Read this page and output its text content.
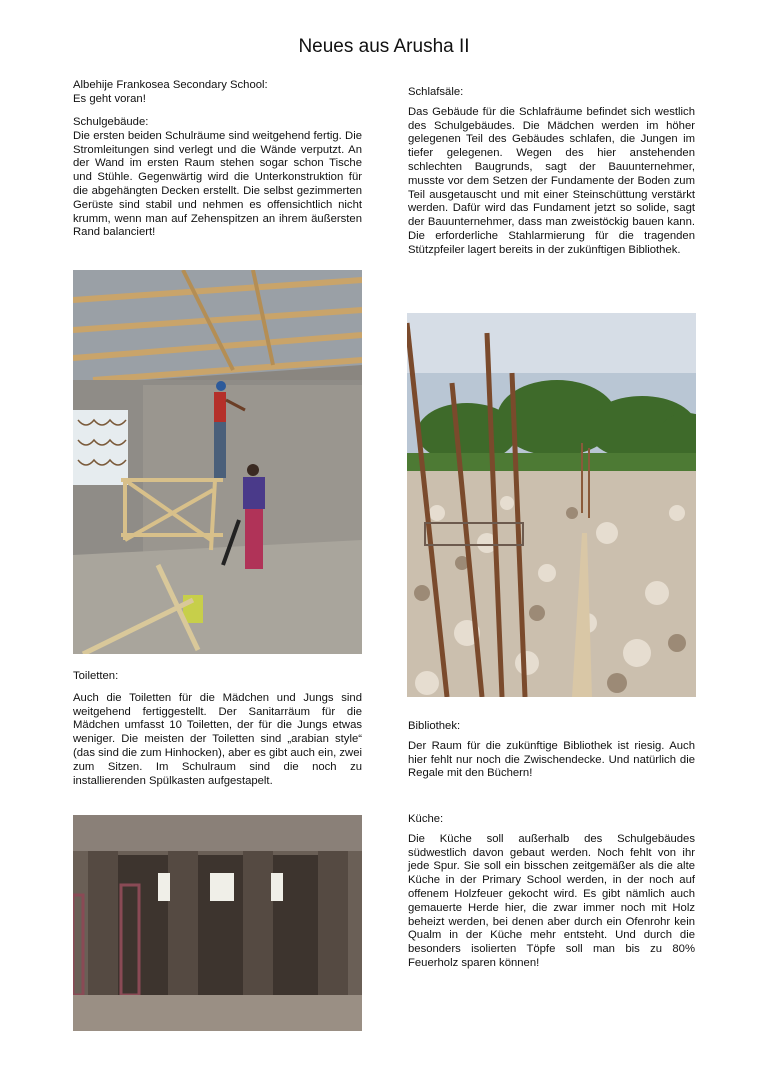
Neues aus Arusha II
Albehije Frankosea Secondary School:
Es geht voran!
Schulgebäude:
Die ersten beiden Schulräume sind weitgehend fertig. Die Stromleitungen sind verlegt und die Wände verputzt. An der Wand im ersten Raum stehen sogar schon Tische und Stühle. Gegenwärtig wird die Unterkonstruktion für die abgehängten Decken erstellt. Die selbst gezimmerten Gerüste sind stabil und nehmen es offensichtlich nicht krumm, wenn man auf Zehenspitzen an ihrem äußersten Rand balanciert!
Toiletten:
Auch die Toiletten für die Mädchen und Jungs sind weitgehend fertiggestellt. Der Sanitarräum für die Mädchen umfasst 10 Toiletten, der für die Jungs etwas weniger. Die meisten der Toiletten sind „arabian style“ (das sind die zum Hinhocken), aber es gibt auch ein, zwei zum Sitzen. Im Schulraum sind die noch zu installierenden Spülkasten aufgestapelt.
Schlafsäle:
Das Gebäude für die Schlafräume befindet sich westlich des Schulgebäudes. Die Mädchen werden im höher gelegenen Teil des Gebäudes schlafen, die Jungen im tiefer gelegenen. Wegen des hier anstehenden schlechten Baugrunds, sagt der Bauunternehmer, musste vor dem Setzen der Fundamente der Boden zum Teil ausgetauscht und mit einer Steinschüttung verstärkt werden. Dafür wird das Fundament jetzt so solide, sagt der Bauunternehmer, dass man zweistöckig bauen kann. Die erforderliche Stahlarmierung für die tragenden Stützpfeiler lagert bereits in der zukünftigen Bibliothek.
Bibliothek:
Der Raum für die zukünftige Bibliothek ist riesig. Auch hier fehlt nur noch die Zwischendecke. Und natürlich die Regale mit den Büchern!
Küche:
Die Küche soll außerhalb des Schulgebäudes südwestlich davon gebaut werden. Noch fehlt von ihr jede Spur. Sie soll ein bisschen zeitgemäßer als die alte Küche in der Primary School werden, in der noch auf offenem Holzfeuer gekocht wird. Es gibt nämlich auch gemauerte Herde hier, die zwar immer noch mit Holz beheizt werden, bei denen aber durch ein Ofenrohr kein Qualm in der Küche mehr entsteht. Und durch die besonders isolierten Töpfe soll man bis zu 80% Feuerholz sparen können!
